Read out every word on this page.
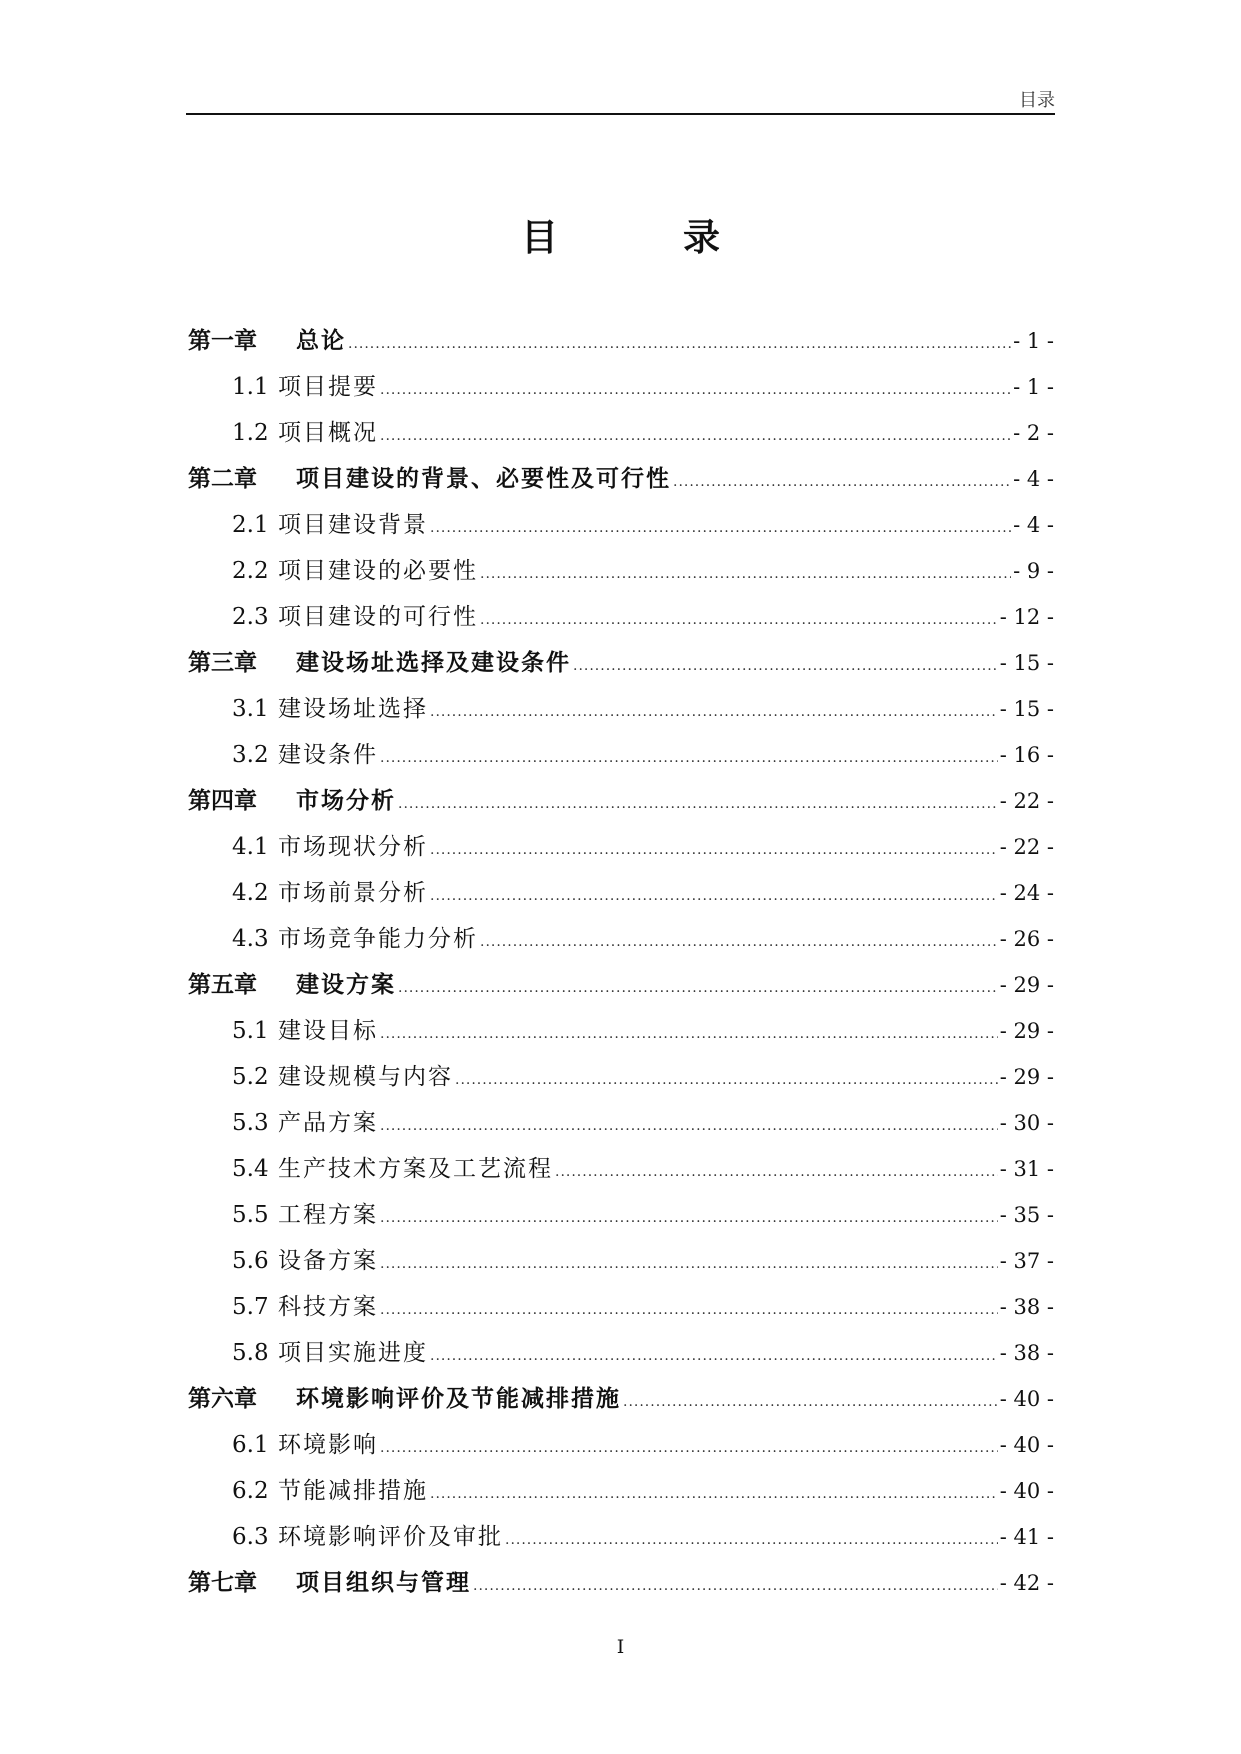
目录
目　录
第一章	总论 .....	- 1 -
1.1 项目提要 .....	- 1 -
1.2 项目概况 .....	- 2 -
第二章	项目建设的背景、必要性及可行性 .....	- 4 -
2.1 项目建设背景 .....	- 4 -
2.2 项目建设的必要性 .....	- 9 -
2.3 项目建设的可行性 .....	- 12 -
第三章	建设场址选择及建设条件 .....	- 15 -
3.1 建设场址选择 .....	- 15 -
3.2 建设条件 .....	- 16 -
第四章	市场分析 .....	- 22 -
4.1 市场现状分析 .....	- 22 -
4.2 市场前景分析 .....	- 24 -
4.3 市场竞争能力分析 .....	- 26 -
第五章	建设方案 .....	- 29 -
5.1 建设目标 .....	- 29 -
5.2 建设规模与内容 .....	- 29 -
5.3 产品方案 .....	- 30 -
5.4 生产技术方案及工艺流程 .....	- 31 -
5.5 工程方案 .....	- 35 -
5.6 设备方案 .....	- 37 -
5.7 科技方案 .....	- 38 -
5.8 项目实施进度 .....	- 38 -
第六章	环境影响评价及节能减排措施 .....	- 40 -
6.1 环境影响 .....	- 40 -
6.2 节能减排措施 .....	- 40 -
6.3 环境影响评价及审批 .....	- 41 -
第七章	项目组织与管理 .....	- 42 -
I
